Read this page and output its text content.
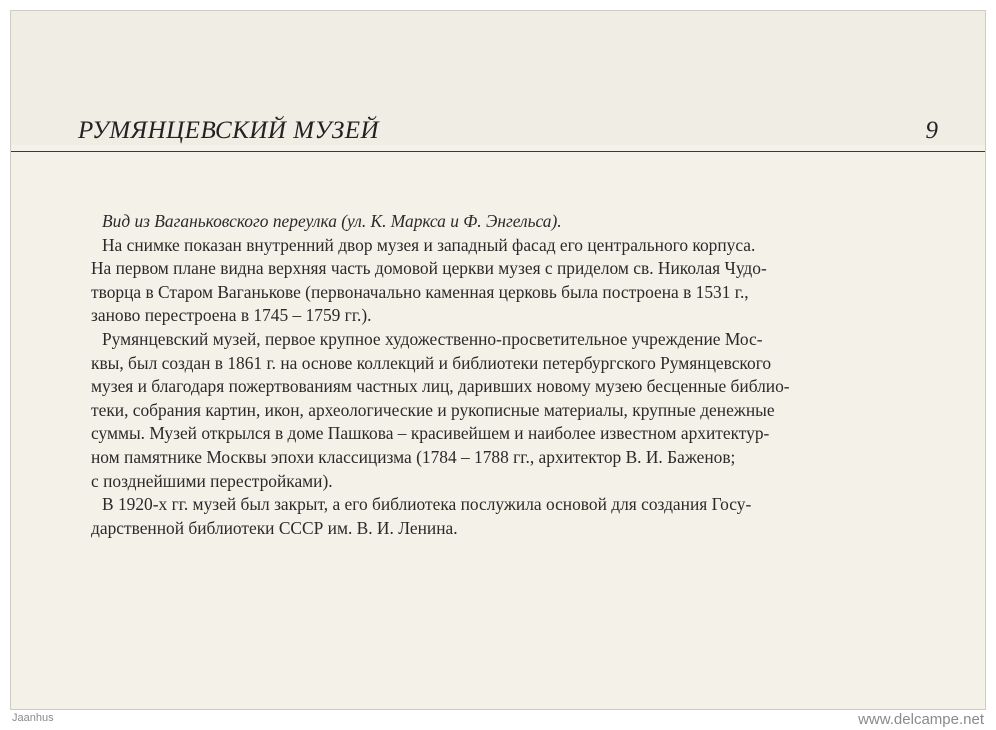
РУМЯНЦЕВСКИЙ МУЗЕЙ	9
Вид из Ваганьковского переулка (ул. К. Маркса и Ф. Энгельса).
На снимке показан внутренний двор музея и западный фасад его центрального корпуса.
На первом плане видна верхняя часть домовой церкви музея с приделом св. Николая Чудо-
творца в Старом Ваганькове (первоначально каменная церковь была построена в 1531 г.,
заново перестроена в 1745 – 1759 гг.).
Румянцевский музей, первое крупное художественно-просветительное учреждение Мос-
квы, был создан в 1861 г. на основе коллекций и библиотеки петербургского Румянцевского
музея и благодаря пожертвованиям частных лиц, даривших новому музею бесценные библио-
теки, собрания картин, икон, археологические и рукописные материалы, крупные денежные
суммы. Музей открылся в доме Пашкова – красивейшем и наиболее известном архитектур-
ном памятнике Москвы эпохи классицизма (1784 – 1788 гг., архитектор В. И. Баженов;
с позднейшими перестройками).
В 1920-х гг. музей был закрыт, а его библиотека послужила основой для создания Госу-
дарственной библиотеки СССР им. В. И. Ленина.
Jaanhus	www.delcampe.net
